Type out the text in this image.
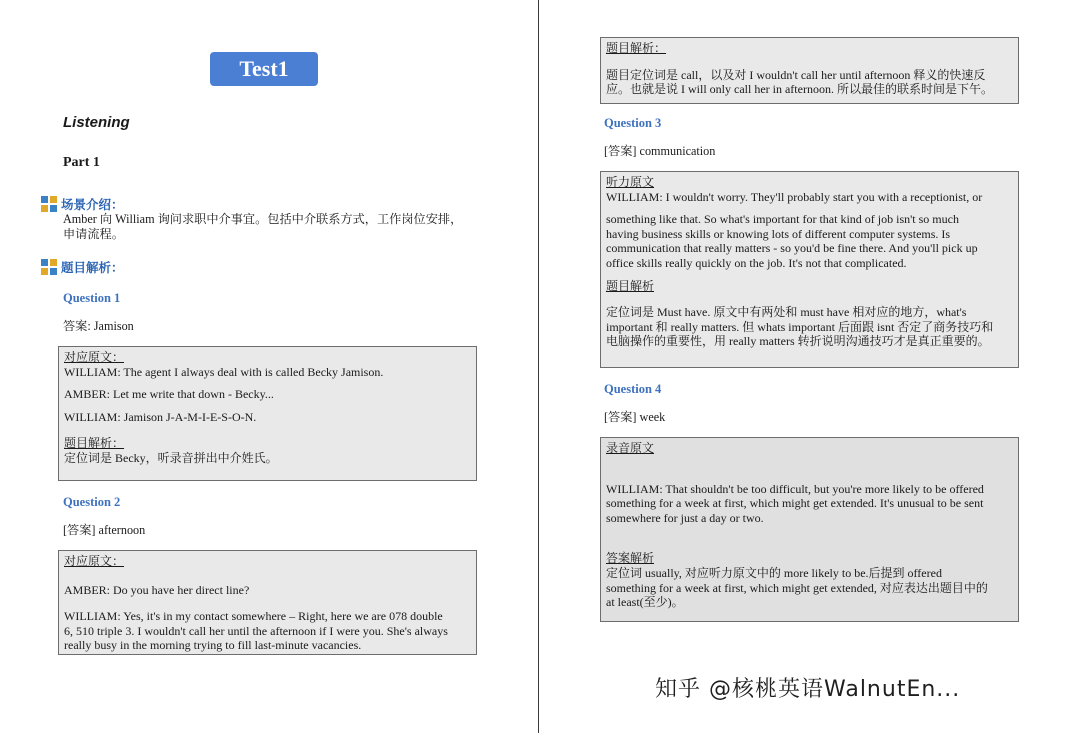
Test1
Listening
Part 1
场景介绍：
Amber 向 William 询问求职中介事宜。包括中介联系方式，工作岗位安排，
申请流程。
题目解析：
Question 1
答案: Jamison

对应原文：

WILLIAM: The agent I always deal with is called Becky Jamison.

AMBER: Let me write that down - Becky...

WILLIAM: Jamison J-A-M-I-E-S-O-N.

题目解析：

定位词是 Becky，听录音拼出中介姓氏。

Question 2
[答案] afternoon

对应原文：

AMBER: Do you have her direct line?

WILLIAM: Yes, it's in my contact somewhere – Right, here we are 078 double

6, 510 triple 3. I wouldn't call her until the afternoon if I were you. She's always

really busy in the morning trying to fill last-minute vacancies.

题目解析：

题目定位词是 call，以及对 I wouldn't call her until afternoon 释义的快速反

应。也就是说 I will only call her in afternoon. 所以最佳的联系时间是下午。

Question 3
[答案] communication

听力原文

WILLIAM: I wouldn't worry. They'll probably start you with a receptionist, or

something like that. So what's important for that kind of job isn't so much

having business skills or knowing lots of different computer systems. Is

communication that really matters - so you'd be fine there. And you'll pick up

office skills really quickly on the job. It's not that complicated.

题目解析

定位词是 Must have. 原文中有两处和 must have 相对应的地方，what's

important 和 really matters. 但 whats important 后面跟 isnt 否定了商务技巧和

电脑操作的重要性，用 really matters 转折说明沟通技巧才是真正重要的。

Question 4
[答案] week

录音原文

WILLIAM: That shouldn't be too difficult, but you're more likely to be offered

something for a week at first, which might get extended. It's unusual to be sent

somewhere for just a day or two.

答案解析

定位词 usually, 对应听力原文中的 more likely to be.后提到 offered

something for a week at first, which might get extended, 对应表达出题目中的

at least(至少)。

知乎 @核桃英语WalnutEn...
